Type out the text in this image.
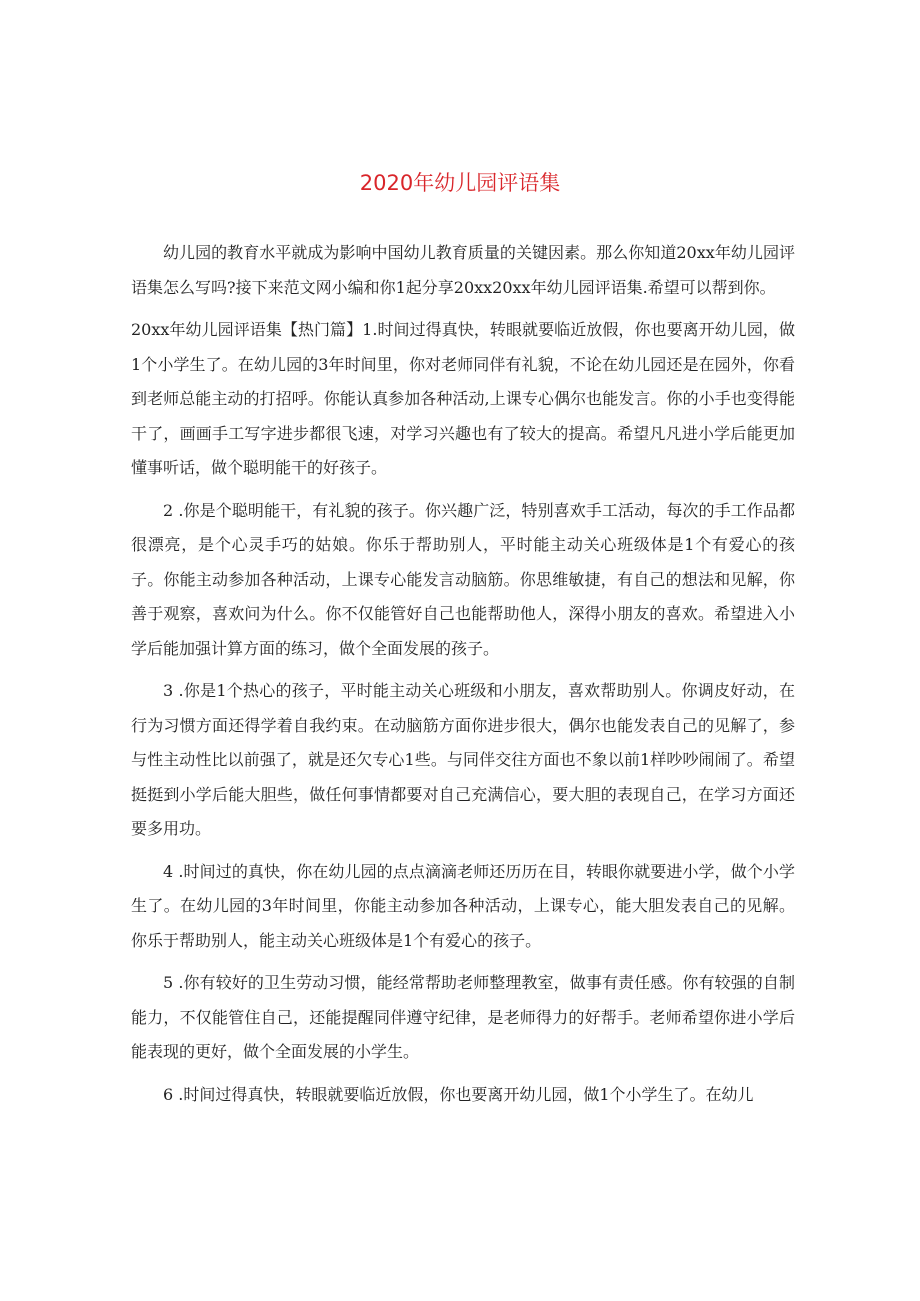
2020年幼儿园评语集

幼儿园的教育水平就成为影响中国幼儿教育质量的关键因素。那么你知道20xx年幼儿园评语集怎么写吗?接下来范文网小编和你1起分享20xx20xx年幼儿园评语集.希望可以帮到你。

20xx年幼儿园评语集【热门篇】1.时间过得真快，转眼就要临近放假，你也要离开幼儿园，做1个小学生了。在幼儿园的3年时间里，你对老师同伴有礼貌，不论在幼儿园还是在园外，你看到老师总能主动的打招呼。你能认真参加各种活动,上课专心偶尔也能发言。你的小手也变得能干了，画画手工写字进步都很飞速，对学习兴趣也有了较大的提高。希望凡凡进小学后能更加懂事听话，做个聪明能干的好孩子。

2 .你是个聪明能干，有礼貌的孩子。你兴趣广泛，特别喜欢手工活动，每次的手工作品都很漂亮，是个心灵手巧的姑娘。你乐于帮助别人，平时能主动关心班级体是1个有爱心的孩子。你能主动参加各种活动，上课专心能发言动脑筋。你思维敏捷，有自己的想法和见解，你善于观察，喜欢问为什么。你不仅能管好自己也能帮助他人，深得小朋友的喜欢。希望进入小学后能加强计算方面的练习，做个全面发展的孩子。

3 .你是1个热心的孩子，平时能主动关心班级和小朋友，喜欢帮助别人。你调皮好动，在行为习惯方面还得学着自我约束。在动脑筋方面你进步很大，偶尔也能发表自己的见解了，参与性主动性比以前强了，就是还欠专心1些。与同伴交往方面也不象以前1样吵吵闹闹了。希望挺挺到小学后能大胆些，做任何事情都要对自己充满信心，要大胆的表现自己，在学习方面还要多用功。

4 .时间过的真快，你在幼儿园的点点滴滴老师还历历在目，转眼你就要进小学，做个小学生了。在幼儿园的3年时间里，你能主动参加各种活动，上课专心，能大胆发表自己的见解。你乐于帮助别人，能主动关心班级体是1个有爱心的孩子。

5 .你有较好的卫生劳动习惯，能经常帮助老师整理教室，做事有责任感。你有较强的自制能力，不仅能管住自己，还能提醒同伴遵守纪律，是老师得力的好帮手。老师希望你进小学后能表现的更好，做个全面发展的小学生。

6 .时间过得真快，转眼就要临近放假，你也要离开幼儿园，做1个小学生了。在幼儿
